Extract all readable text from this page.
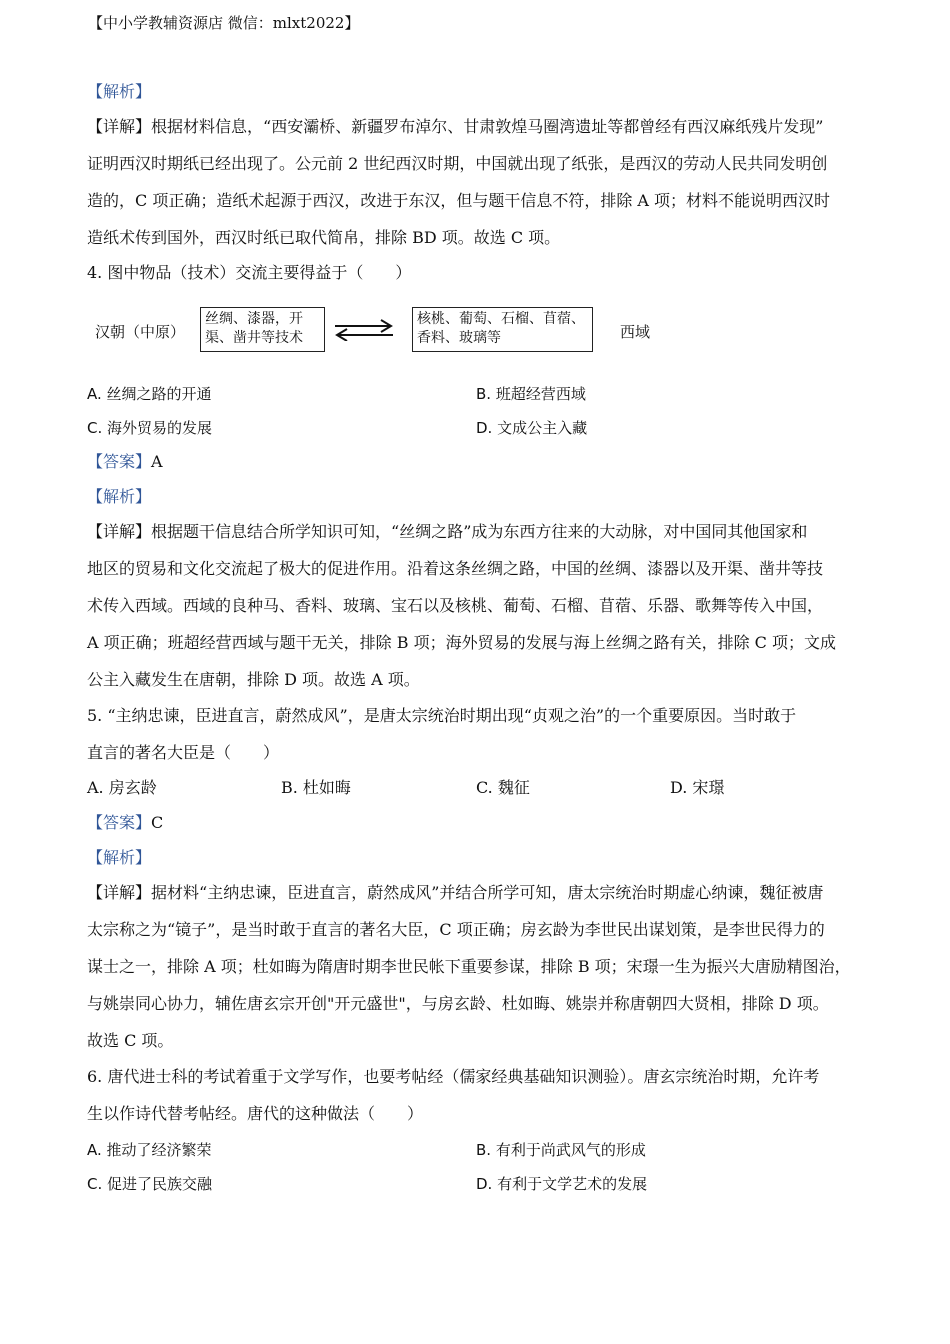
【中小学教辅资源店 微信：mlxt2022】
【解析】
【详解】根据材料信息，“西安灞桥、新疆罗布淖尔、甘肃敦煌马圈湾遗址等都曾经有西汉麻纸残片发现”
证明西汉时期纸已经出现了。公元前 2 世纪西汉时期，中国就出现了纸张，是西汉的劳动人民共同发明创
造的，C 项正确；造纸术起源于西汉，改进于东汉，但与题干信息不符，排除 A 项；材料不能说明西汉时
造纸术传到国外，西汉时纸已取代简帛，排除 BD 项。故选 C 项。
4. 图中物品（技术）交流主要得益于（　　）
汉朝（中原）
丝绸、漆器，开
渠、凿井等技术
核桃、葡萄、石榴、苜蓿、
香料、玻璃等	西域
A. 丝绸之路的开通	B. 班超经营西域
C. 海外贸易的发展	D. 文成公主入藏
【答案】A
【解析】
【详解】根据题干信息结合所学知识可知，“丝绸之路”成为东西方往来的大动脉，对中国同其他国家和
地区的贸易和文化交流起了极大的促进作用。沿着这条丝绸之路，中国的丝绸、漆器以及开渠、凿井等技
术传入西域。西域的良种马、香料、玻璃、宝石以及核桃、葡萄、石榴、苜蓿、乐器、歌舞等传入中国，
A 项正确；班超经营西域与题干无关，排除 B 项；海外贸易的发展与海上丝绸之路有关，排除 C 项；文成
公主入藏发生在唐朝，排除 D 项。故选 A 项。
5. “主纳忠谏，臣进直言，蔚然成风”，是唐太宗统治时期出现“贞观之治”的一个重要原因。当时敢于
直言的著名大臣是（　　）
A. 房玄龄	B. 杜如晦	C. 魏征	D. 宋璟
【答案】C
【解析】
【详解】据材料“主纳忠谏，臣进直言，蔚然成风”并结合所学可知，唐太宗统治时期虚心纳谏，魏征被唐
太宗称之为“镜子”，是当时敢于直言的著名大臣，C 项正确；房玄龄为李世民出谋划策，是李世民得力的
谋士之一，排除 A 项；杜如晦为隋唐时期李世民帐下重要参谋，排除 B 项；宋璟一生为振兴大唐励精图治，
与姚崇同心协力，辅佐唐玄宗开创"开元盛世"，与房玄龄、杜如晦、姚崇并称唐朝四大贤相，排除 D 项。
故选 C 项。
6. 唐代进士科的考试着重于文学写作，也要考帖经（儒家经典基础知识测验）。唐玄宗统治时期，允许考
生以作诗代替考帖经。唐代的这种做法（　　）
A. 推动了经济繁荣	B. 有利于尚武风气的形成
C. 促进了民族交融	D. 有利于文学艺术的发展
